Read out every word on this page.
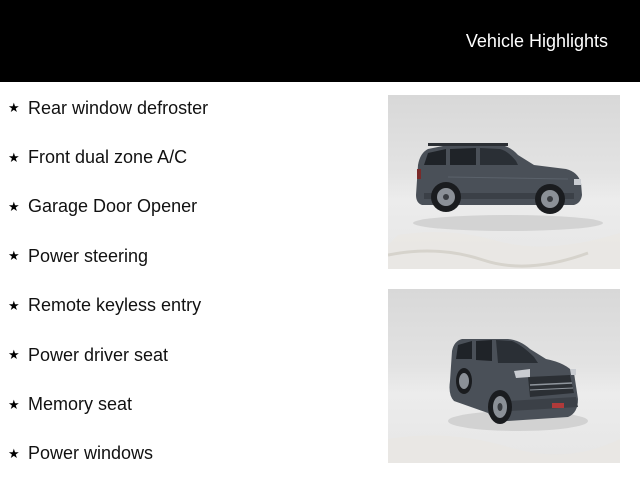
Vehicle Highlights
★ Rear window defroster
★ Front dual zone A/C
★ Garage Door Opener
★ Power steering
★ Remote keyless entry
★ Power driver seat
★ Memory seat
★ Power windows
